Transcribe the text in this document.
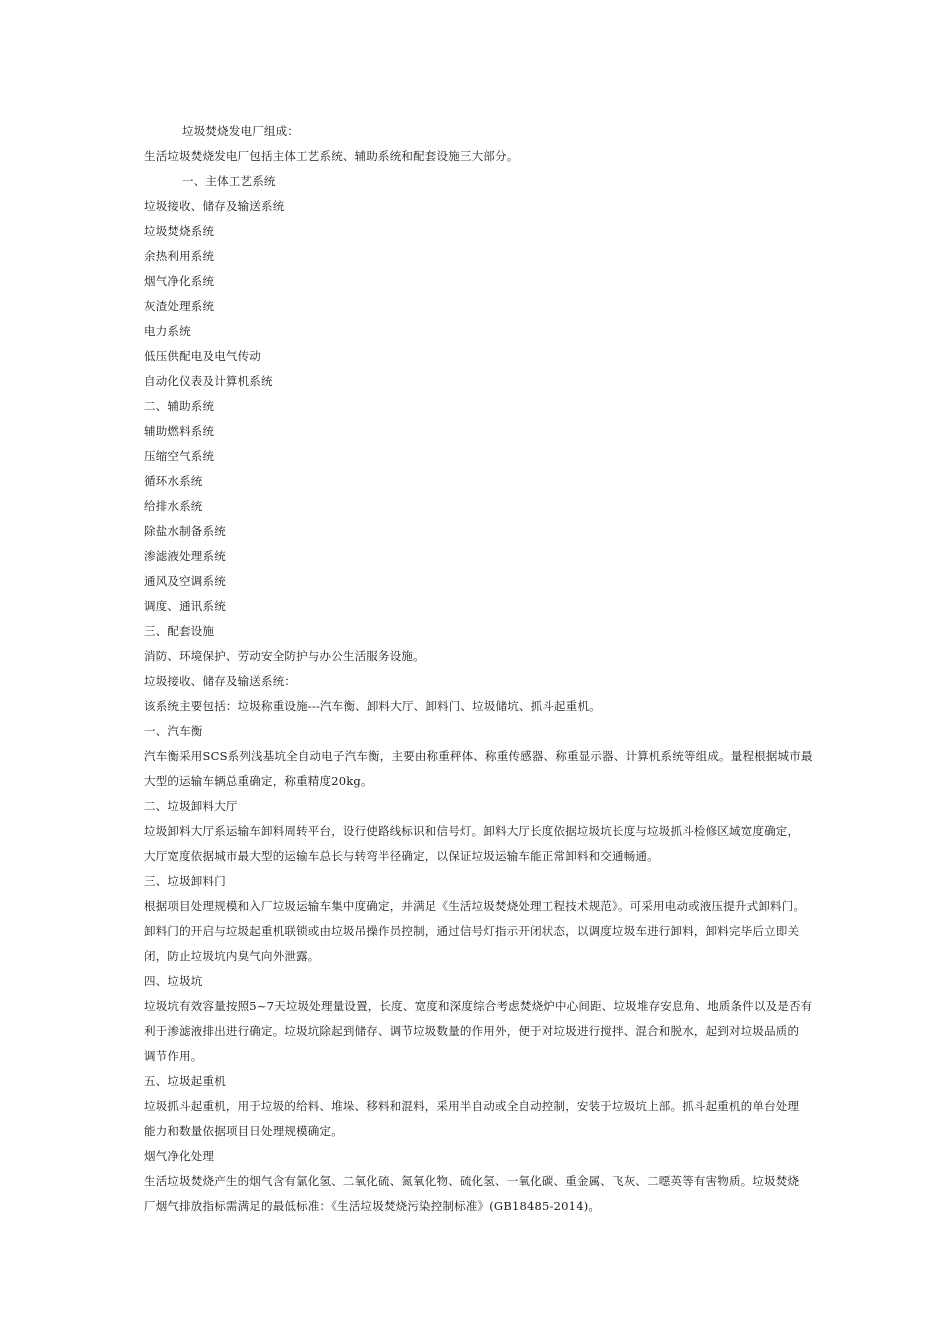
垃圾焚烧发电厂组成：
生活垃圾焚烧发电厂包括主体工艺系统、辅助系统和配套设施三大部分。
一、主体工艺系统
垃圾接收、储存及输送系统
垃圾焚烧系统
余热利用系统
烟气净化系统
灰渣处理系统
电力系统
低压供配电及电气传动
自动化仪表及计算机系统
二、辅助系统
辅助燃料系统
压缩空气系统
循环水系统
给排水系统
除盐水制备系统
渗滤液处理系统
通风及空调系统
调度、通讯系统
三、配套设施
消防、环境保护、劳动安全防护与办公生活服务设施。
垃圾接收、储存及输送系统：
该系统主要包括：垃圾称重设施---汽车衡、卸料大厅、卸料门、垃圾储坑、抓斗起重机。
一、汽车衡
汽车衡采用SCS系列浅基坑全自动电子汽车衡，主要由称重秤体、称重传感器、称重显示器、计算机系统等组成。量程根据城市最
大型的运输车辆总重确定，称重精度20kg。
二、垃圾卸料大厅
垃圾卸料大厅系运输车卸料周转平台，设行使路线标识和信号灯。卸料大厅长度依据垃圾坑长度与垃圾抓斗检修区域宽度确定，
大厅宽度依据城市最大型的运输车总长与转弯半径确定，以保证垃圾运输车能正常卸料和交通畅通。
三、垃圾卸料门
根据项目处理规模和入厂垃圾运输车集中度确定，并满足《生活垃圾焚烧处理工程技术规范》。可采用电动或液压提升式卸料门。
卸料门的开启与垃圾起重机联锁或由垃圾吊操作员控制，通过信号灯指示开闭状态，以调度垃圾车进行卸料，卸料完毕后立即关
闭，防止垃圾坑内臭气向外泄露。
四、垃圾坑
垃圾坑有效容量按照5~7天垃圾处理量设置，长度、宽度和深度综合考虑焚烧炉中心间距、垃圾堆存安息角、地质条件以及是否有
利于渗滤液排出进行确定。垃圾坑除起到储存、调节垃圾数量的作用外，便于对垃圾进行搅拌、混合和脱水，起到对垃圾品质的
调节作用。
五、垃圾起重机
垃圾抓斗起重机，用于垃圾的给料、堆垛、移料和混料，采用半自动或全自动控制，安装于垃圾坑上部。抓斗起重机的单台处理
能力和数量依据项目日处理规模确定。
烟气净化处理
生活垃圾焚烧产生的烟气含有氯化氢、二氧化硫、氮氧化物、硫化氢、一氧化碳、重金属、飞灰、二噁英等有害物质。垃圾焚烧
厂烟气排放指标需满足的最低标准：《生活垃圾焚烧污染控制标准》(GB18485-2014)。
